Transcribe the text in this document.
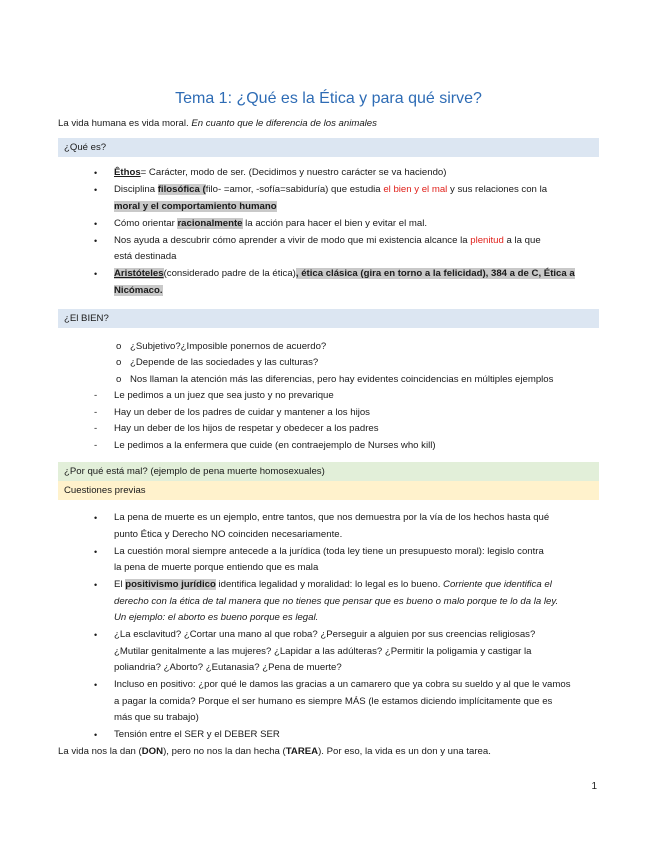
Tema 1: ¿Qué es la Ética y para qué sirve?
La vida humana es vida moral. En cuanto que le diferencia de los animales
¿Qué es?
• Êthos= Carácter, modo de ser. (Decidimos y nuestro carácter se va haciendo)
• Disciplina filosófica (filo- =amor, -sofía=sabiduría) que estudia el bien y el mal y sus relaciones con la
moral y el comportamiento humano
• Cómo orientar racionalmente la acción para hacer el bien y evitar el mal.
• Nos ayuda a descubrir cómo aprender a vivir de modo que mi existencia alcance la plenitud a la que
está destinada
• Aristóteles(considerado padre de la ética), ética clásica (gira en torno a la felicidad), 384 a de C, Ética a
Nicómaco.
¿El BIEN?
o ¿Subjetivo?¿Imposible ponernos de acuerdo?
o ¿Depende de las sociedades y las culturas?
o Nos llaman la atención más las diferencias, pero hay evidentes coincidencias en múltiples ejemplos
- Le pedimos a un juez que sea justo y no prevarique
- Hay un deber de los padres de cuidar y mantener a los hijos
- Hay un deber de los hijos de respetar y obedecer a los padres
- Le pedimos a la enfermera que cuide (en contraejemplo de Nurses who kill)
¿Por qué está mal? (ejemplo de pena muerte homosexuales)
Cuestiones previas
• La pena de muerte es un ejemplo, entre tantos, que nos demuestra por la vía de los hechos hasta qué
punto Ética y Derecho NO coinciden necesariamente.
• La cuestión moral siempre antecede a la jurídica (toda ley tiene un presupuesto moral): legislo contra
la pena de muerte porque entiendo que es mala
• El positivismo jurídico identifica legalidad y moralidad: lo legal es lo bueno. Corriente que identifica el
derecho con la ética de tal manera que no tienes que pensar que es bueno o malo porque te lo da la ley.
Un ejemplo: el aborto es bueno porque es legal.
• ¿La esclavitud? ¿Cortar una mano al que roba? ¿Perseguir a alguien por sus creencias religiosas?
¿Mutilar genitalmente a las mujeres? ¿Lapidar a las adúlteras? ¿Permitir la poligamia y castigar la
poliandria? ¿Aborto? ¿Eutanasia? ¿Pena de muerte?
• Incluso en positivo: ¿por qué le damos las gracias a un camarero que ya cobra su sueldo y al que le vamos
a pagar la comida? Porque el ser humano es siempre MÁS (le estamos diciendo implícitamente que es
más que su trabajo)
• Tensión entre el SER y el DEBER SER
La vida nos la dan (DON), pero no nos la dan hecha (TAREA). Por eso, la vida es un don y una tarea.
1
